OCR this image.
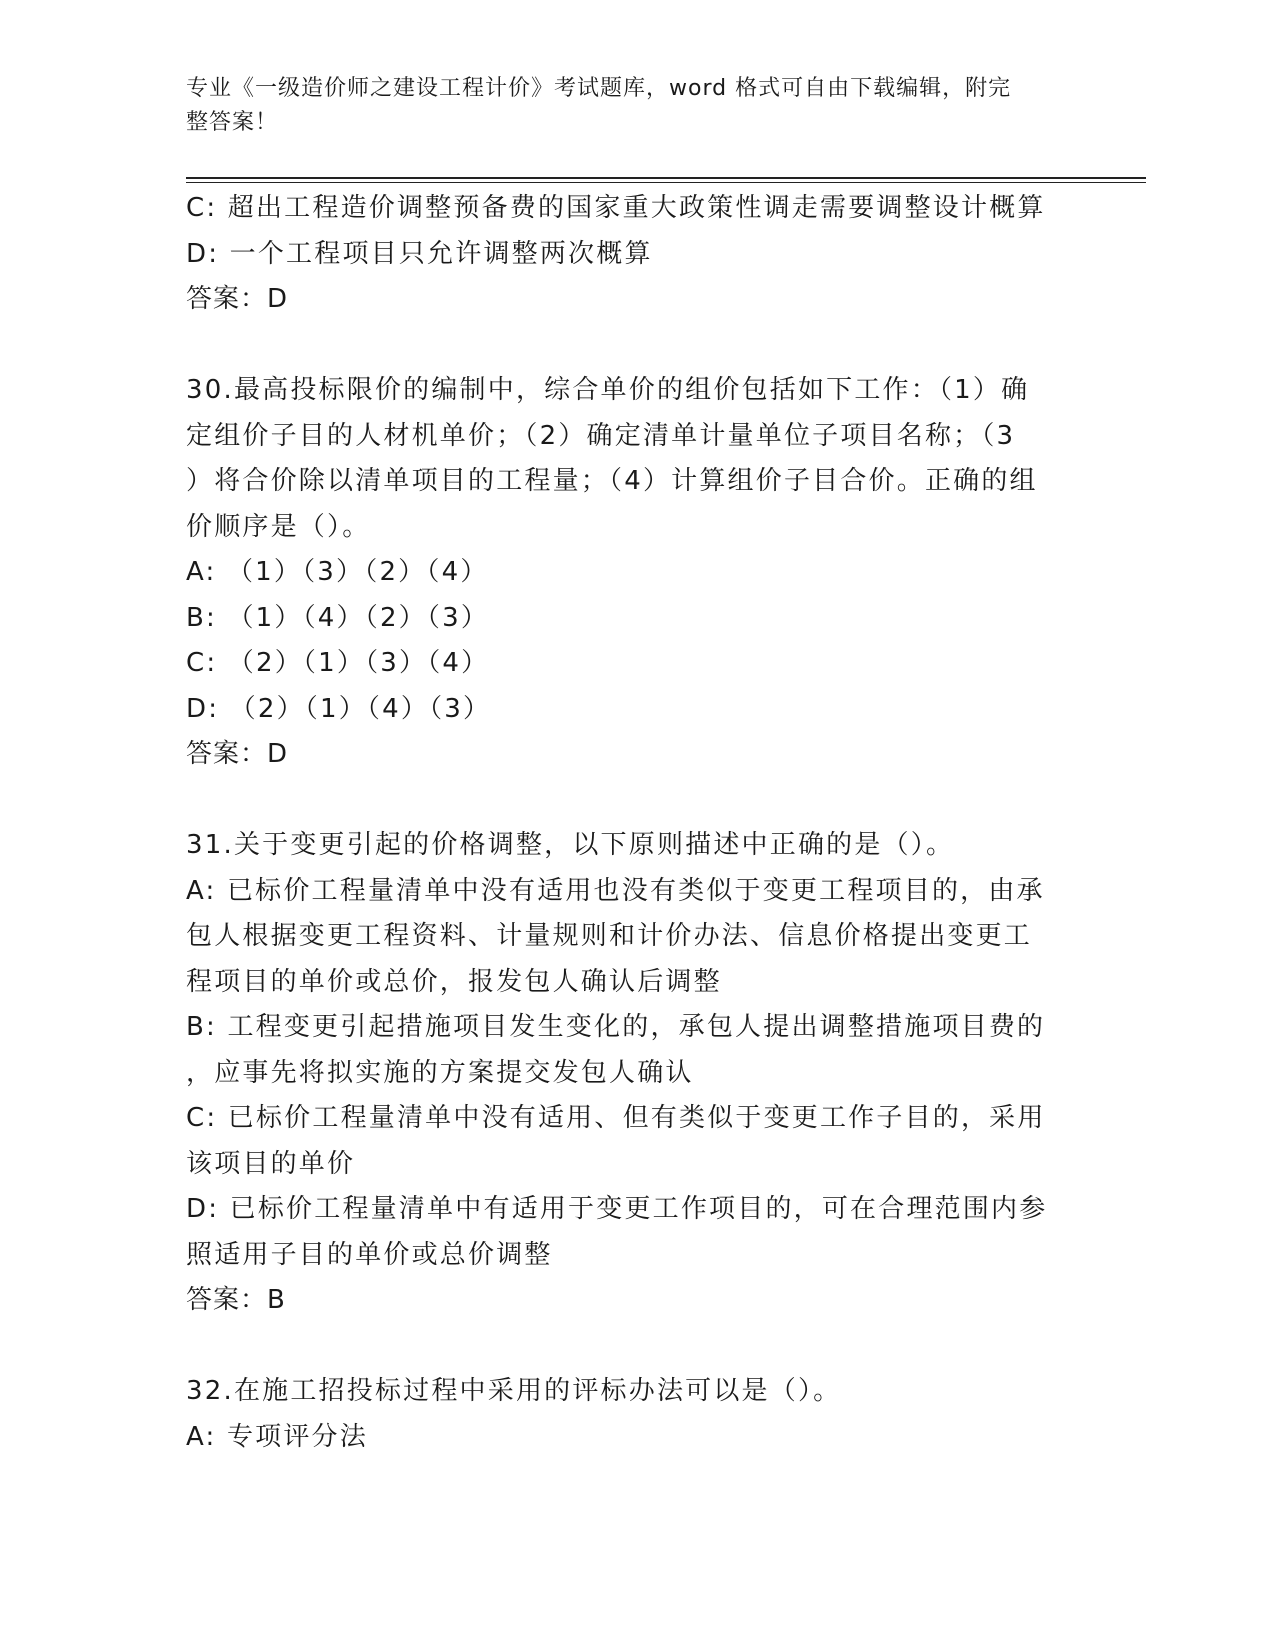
专业《一级造价师之建设工程计价》考试题库，word 格式可自由下载编辑，附完
整答案！
C: 超出工程造价调整预备费的国家重大政策性调走需要调整设计概算
D: 一个工程项目只允许调整两次概算
答案：D
30.最高投标限价的编制中，综合单价的组价包括如下工作：（1）确
定组价子目的人材机单价；（2）确定清单计量单位子项目名称；（3
）将合价除以清单项目的工程量；（4）计算组价子目合价。正确的组
价顺序是（）。
A: （1）（3）（2）（4）
B: （1）（4）（2）（3）
C: （2）（1）（3）（4）
D: （2）（1）（4）（3）
答案：D
31.关于变更引起的价格调整，以下原则描述中正确的是（）。
A: 已标价工程量清单中没有适用也没有类似于变更工程项目的，由承
包人根据变更工程资料、计量规则和计价办法、信息价格提出变更工
程项目的单价或总价，报发包人确认后调整
B: 工程变更引起措施项目发生变化的，承包人提出调整措施项目费的
，应事先将拟实施的方案提交发包人确认
C: 已标价工程量清单中没有适用、但有类似于变更工作子目的，采用
该项目的单价
D: 已标价工程量清单中有适用于变更工作项目的，可在合理范围内参
照适用子目的单价或总价调整
答案：B
32.在施工招投标过程中采用的评标办法可以是（）。
A: 专项评分法
